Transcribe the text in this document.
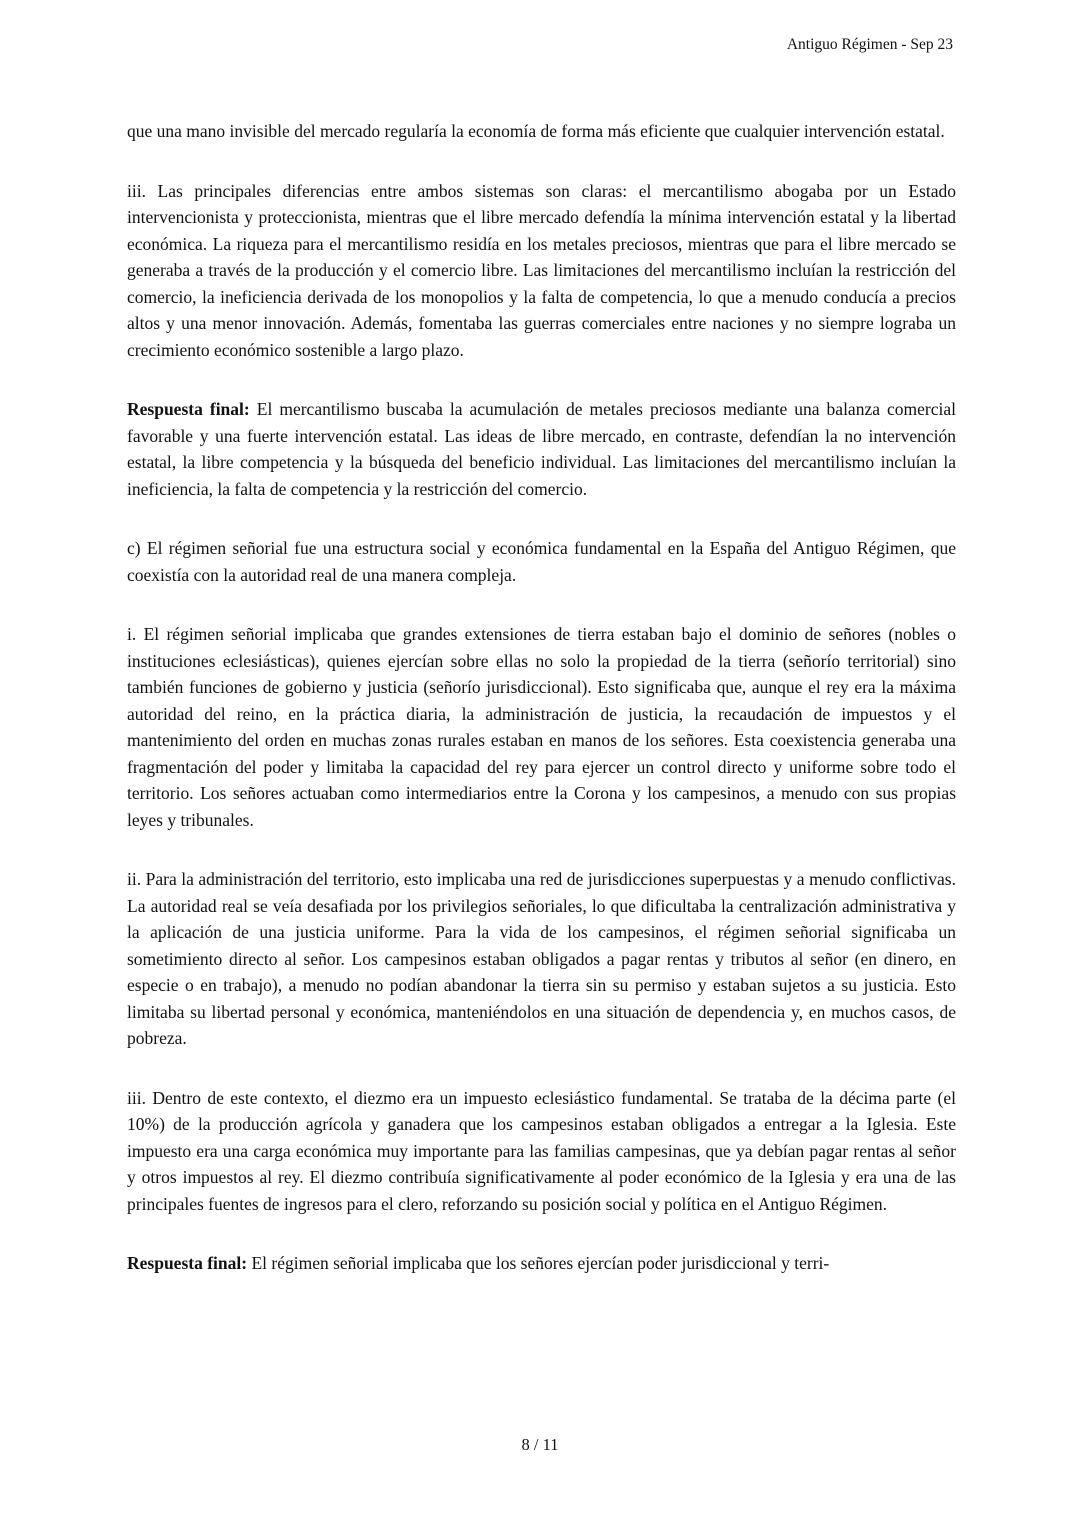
Antiguo Régimen - Sep 23

que una mano invisible del mercado regularía la economía de forma más eficiente que cualquier intervención estatal.

iii. Las principales diferencias entre ambos sistemas son claras: el mercantilismo abogaba por un Estado intervencionista y proteccionista, mientras que el libre mercado defendía la mínima intervención estatal y la libertad económica. La riqueza para el mercantilismo residía en los metales preciosos, mientras que para el libre mercado se generaba a través de la producción y el comercio libre. Las limitaciones del mercantilismo incluían la restricción del comercio, la ineficiencia derivada de los monopolios y la falta de competencia, lo que a menudo conducía a precios altos y una menor innovación. Además, fomentaba las guerras comerciales entre naciones y no siempre lograba un crecimiento económico sostenible a largo plazo.

Respuesta final: El mercantilismo buscaba la acumulación de metales preciosos mediante una balanza comercial favorable y una fuerte intervención estatal. Las ideas de libre mercado, en contraste, defendían la no intervención estatal, la libre competencia y la búsqueda del beneficio individual. Las limitaciones del mercantilismo incluían la ineficiencia, la falta de competencia y la restricción del comercio.

c) El régimen señorial fue una estructura social y económica fundamental en la España del Antiguo Régimen, que coexistía con la autoridad real de una manera compleja.

i. El régimen señorial implicaba que grandes extensiones de tierra estaban bajo el dominio de señores (nobles o instituciones eclesiásticas), quienes ejercían sobre ellas no solo la propiedad de la tierra (señorío territorial) sino también funciones de gobierno y justicia (señorío jurisdiccional). Esto significaba que, aunque el rey era la máxima autoridad del reino, en la práctica diaria, la administración de justicia, la recaudación de impuestos y el mantenimiento del orden en muchas zonas rurales estaban en manos de los señores. Esta coexistencia generaba una fragmentación del poder y limitaba la capacidad del rey para ejercer un control directo y uniforme sobre todo el territorio. Los señores actuaban como intermediarios entre la Corona y los campesinos, a menudo con sus propias leyes y tribunales.

ii. Para la administración del territorio, esto implicaba una red de jurisdicciones superpuestas y a menudo conflictivas. La autoridad real se veía desafiada por los privilegios señoriales, lo que dificultaba la centralización administrativa y la aplicación de una justicia uniforme. Para la vida de los campesinos, el régimen señorial significaba un sometimiento directo al señor. Los campesinos estaban obligados a pagar rentas y tributos al señor (en dinero, en especie o en trabajo), a menudo no podían abandonar la tierra sin su permiso y estaban sujetos a su justicia. Esto limitaba su libertad personal y económica, manteniéndolos en una situación de dependencia y, en muchos casos, de pobreza.

iii. Dentro de este contexto, el diezmo era un impuesto eclesiástico fundamental. Se trataba de la décima parte (el 10%) de la producción agrícola y ganadera que los campesinos estaban obligados a entregar a la Iglesia. Este impuesto era una carga económica muy importante para las familias campesinas, que ya debían pagar rentas al señor y otros impuestos al rey. El diezmo contribuía significativamente al poder económico de la Iglesia y era una de las principales fuentes de ingresos para el clero, reforzando su posición social y política en el Antiguo Régimen.

Respuesta final: El régimen señorial implicaba que los señores ejercían poder jurisdiccional y terri-

8 / 11
